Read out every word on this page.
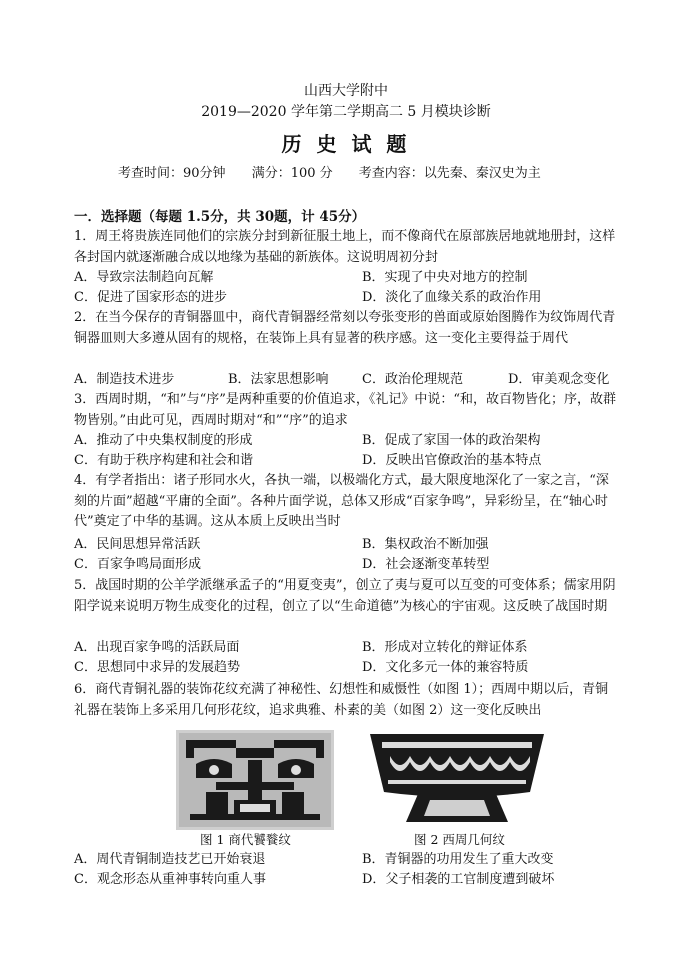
山西大学附中
2019—2020 学年第二学期高二 5 月模块诊断
历 史 试 题
考查时间：90分钟 满分：100 分 考查内容：以先秦、秦汉史为主
一．选择题（每题 1.5分，共 30题，计 45分）
1．周王将贵族连同他们的宗族分封到新征服土地上，而不像商代在原部族居地就地册封，这样各封国内就逐渐融合成以地缘为基础的新族体。这说明周初分封
A．导致宗法制趋向瓦解	B．实现了中央对地方的控制
C．促进了国家形态的进步	D．淡化了血缘关系的政治作用
2．在当今保存的青铜器皿中，商代青铜器经常刻以夸张变形的兽面或原始图腾作为纹饰周代青铜器皿则大多遵从固有的规格，在装饰上具有显著的秩序感。这一变化主要得益于周代
A．制造技术进步	B．法家思想影响	C．政治伦理规范	D．审美观念变化
3．西周时期，“和”与“序”是两种重要的价值追求，《礼记》中说：“和，故百物皆化；序，故群物皆别。”由此可见，西周时期对“和”“序”的追求
A．推动了中央集权制度的形成	B．促成了家国一体的政治架构
C．有助于秩序构建和社会和谐	D．反映出官僚政治的基本特点
4．有学者指出：诸子形同水火，各执一端，以极端化方式，最大限度地深化了一家之言，“深刻的片面”超越“平庸的全面”。各种片面学说，总体又形成“百家争鸣”，异彩纷呈，在“轴心时代”奠定了中华的基调。这从本质上反映出当时
A．民间思想异常活跃	B．集权政治不断加强
C．百家争鸣局面形成	D．社会逐渐变革转型
5．战国时期的公羊学派继承孟子的“用夏变夷”，创立了夷与夏可以互变的可变体系；儒家用阴阳学说来说明万物生成变化的过程，创立了以“生命道德”为核心的宇宙观。这反映了战国时期
A．出现百家争鸣的活跃局面	B．形成对立转化的辩证体系
C．思想同中求异的发展趋势	D．文化多元一体的兼容特质
6．商代青铜礼器的装饰花纹充满了神秘性、幻想性和威慑性（如图 1）；西周中期以后，青铜礼器在装饰上多采用几何形花纹，追求典雅、朴素的美（如图 2）这一变化反映出
图 1 商代饕餮纹	图 2 西周几何纹
A．周代青铜制造技艺已开始衰退	B．青铜器的功用发生了重大改变
C．观念形态从重神事转向重人事	D．父子相袭的工官制度遭到破坏
